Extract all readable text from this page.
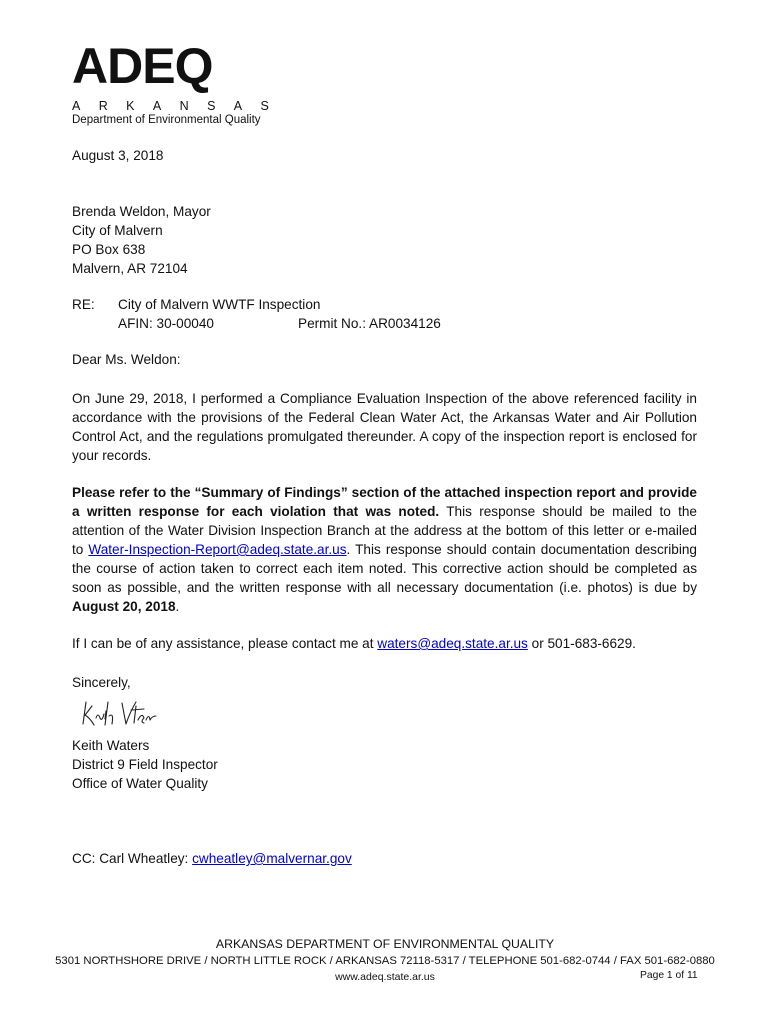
ADEQ
ARKANSAS
Department of Environmental Quality
August 3, 2018
Brenda Weldon, Mayor
City of Malvern
PO Box 638
Malvern, AR 72104
RE: City of Malvern WWTF Inspection
AFIN: 30-00040	Permit No.: AR0034126
Dear Ms. Weldon:
On June 29, 2018, I performed a Compliance Evaluation Inspection of the above referenced facility in accordance with the provisions of the Federal Clean Water Act, the Arkansas Water and Air Pollution Control Act, and the regulations promulgated thereunder. A copy of the inspection report is enclosed for your records.
Please refer to the “Summary of Findings” section of the attached inspection report and provide a written response for each violation that was noted. This response should be mailed to the attention of the Water Division Inspection Branch at the address at the bottom of this letter or e-mailed to Water-Inspection-Report@adeq.state.ar.us. This response should contain documentation describing the course of action taken to correct each item noted. This corrective action should be completed as soon as possible, and the written response with all necessary documentation (i.e. photos) is due by August 20, 2018.
If I can be of any assistance, please contact me at waters@adeq.state.ar.us or 501-683-6629.
Sincerely,
Keith Waters
District 9 Field Inspector
Office of Water Quality
CC: Carl Wheatley: cwheatley@malvernar.gov
ARKANSAS DEPARTMENT OF ENVIRONMENTAL QUALITY
5301 NORTHSHORE DRIVE / NORTH LITTLE ROCK / ARKANSAS 72118-5317 / TELEPHONE 501-682-0744 / FAX 501-682-0880
www.adeq.state.ar.us	Page 1 of 11
